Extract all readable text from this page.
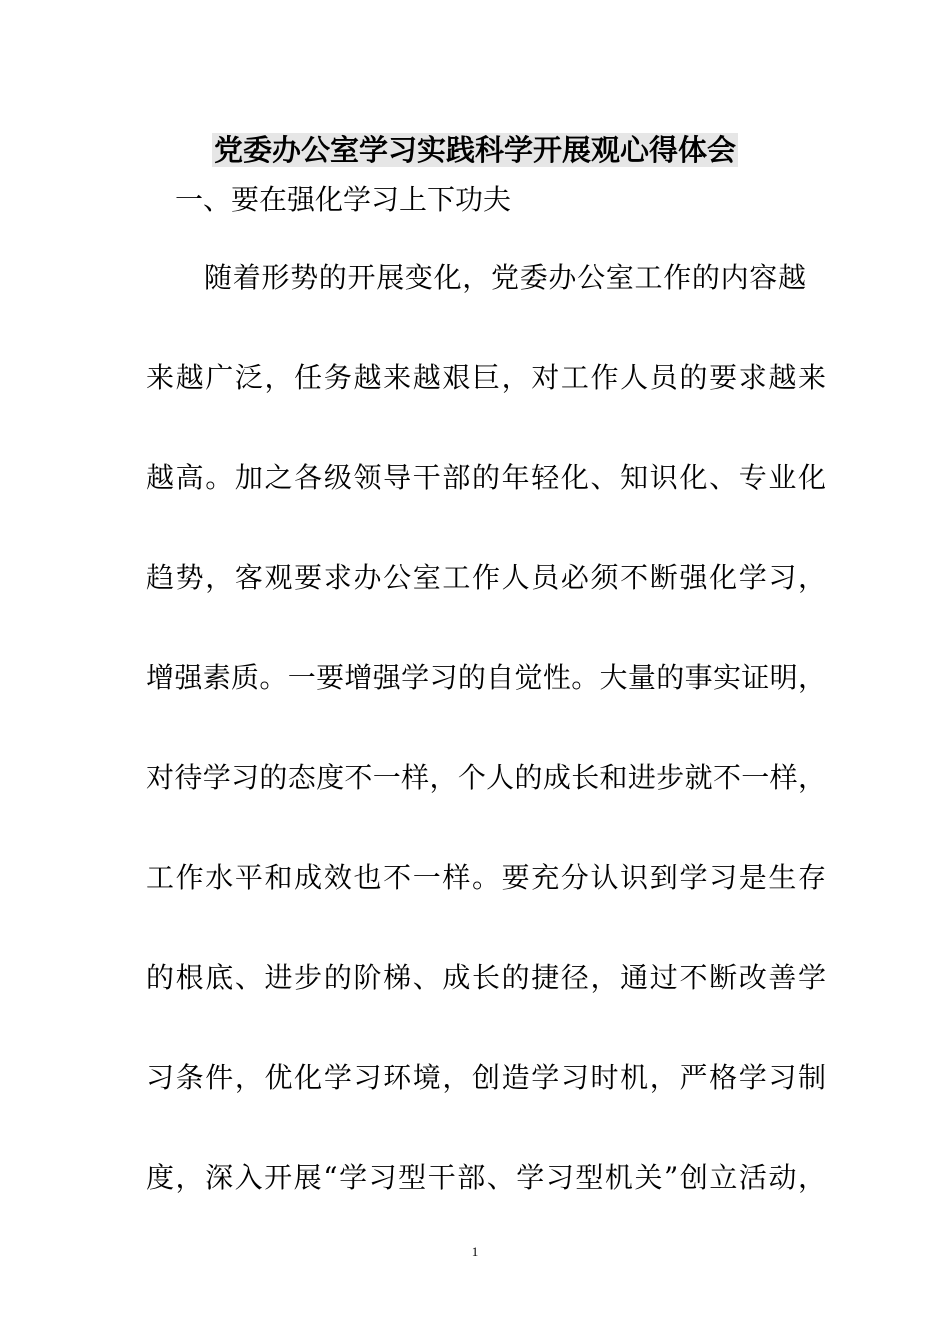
党委办公室学习实践科学开展观心得体会
一、要在强化学习上下功夫
随着形势的开展变化，党委办公室工作的内容越
来越广泛，任务越来越艰巨，对工作人员的要求越来
越高。加之各级领导干部的年轻化、知识化、专业化
趋势，客观要求办公室工作人员必须不断强化学习，
增强素质。一要增强学习的自觉性。大量的事实证明，
对待学习的态度不一样，个人的成长和进步就不一样，
工作水平和成效也不一样。要充分认识到学习是生存
的根底、进步的阶梯、成长的捷径，通过不断改善学
习条件，优化学习环境，创造学习时机，严格学习制
度，深入开展“学习型干部、学习型机关”创立活动，
1
